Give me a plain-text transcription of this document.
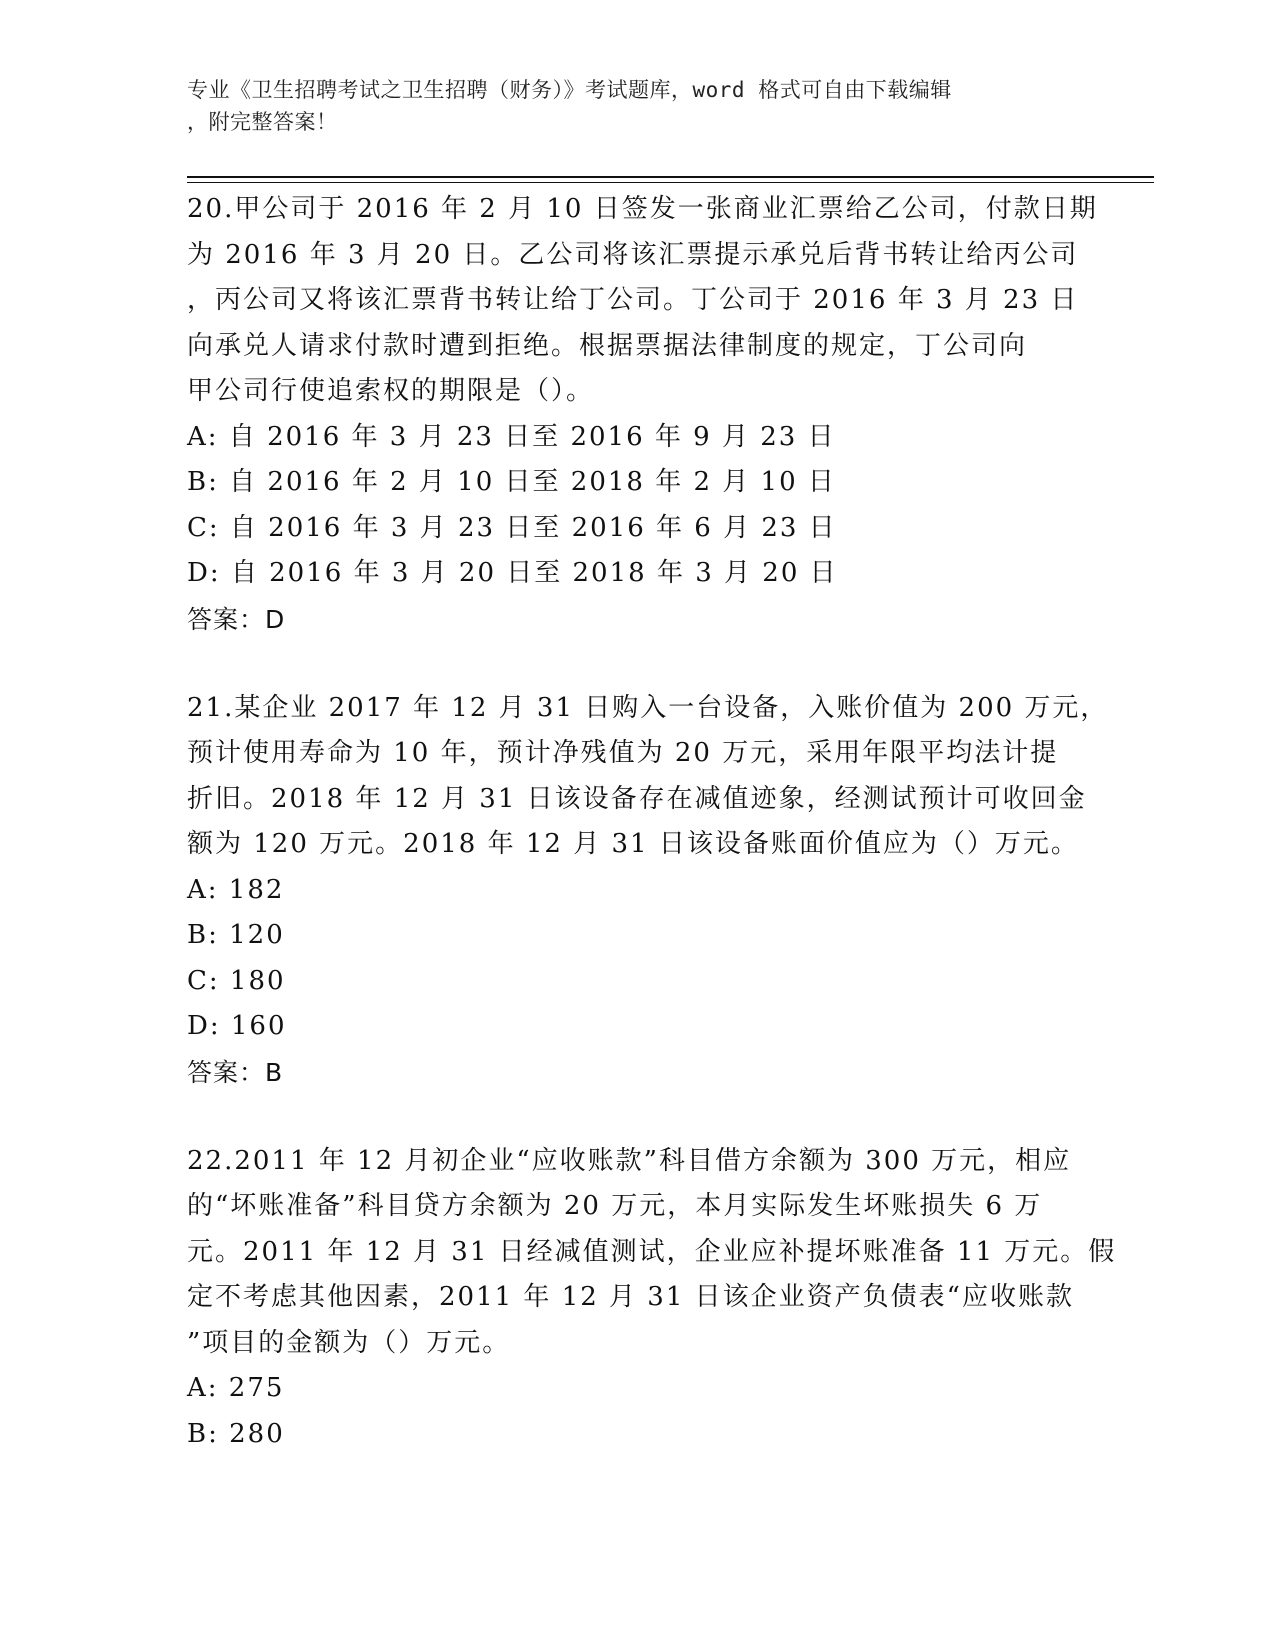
专业《卫生招聘考试之卫生招聘（财务）》考试题库，word 格式可自由下载编辑
，附完整答案！
20.甲公司于 2016 年 2 月 10 日签发一张商业汇票给乙公司，付款日期
为 2016 年 3 月 20 日。乙公司将该汇票提示承兑后背书转让给丙公司
，丙公司又将该汇票背书转让给丁公司。丁公司于 2016 年 3 月 23 日
向承兑人请求付款时遭到拒绝。根据票据法律制度的规定，丁公司向
甲公司行使追索权的期限是（）。
A: 自 2016 年 3 月 23 日至 2016 年 9 月 23 日
B: 自 2016 年 2 月 10 日至 2018 年 2 月 10 日
C: 自 2016 年 3 月 23 日至 2016 年 6 月 23 日
D: 自 2016 年 3 月 20 日至 2018 年 3 月 20 日
答案：D
21.某企业 2017 年 12 月 31 日购入一台设备，入账价值为 200 万元，
预计使用寿命为 10 年，预计净残值为 20 万元，采用年限平均法计提
折旧。2018 年 12 月 31 日该设备存在减值迹象，经测试预计可收回金
额为 120 万元。2018 年 12 月 31 日该设备账面价值应为（）万元。
A: 182
B: 120
C: 180
D: 160
答案：B
22.2011 年 12 月初企业“应收账款”科目借方余额为 300 万元，相应
的“坏账准备”科目贷方余额为 20 万元，本月实际发生坏账损失 6 万
元。2011 年 12 月 31 日经减值测试，企业应补提坏账准备 11 万元。假
定不考虑其他因素，2011 年 12 月 31 日该企业资产负债表“应收账款
”项目的金额为（）万元。
A: 275
B: 280
